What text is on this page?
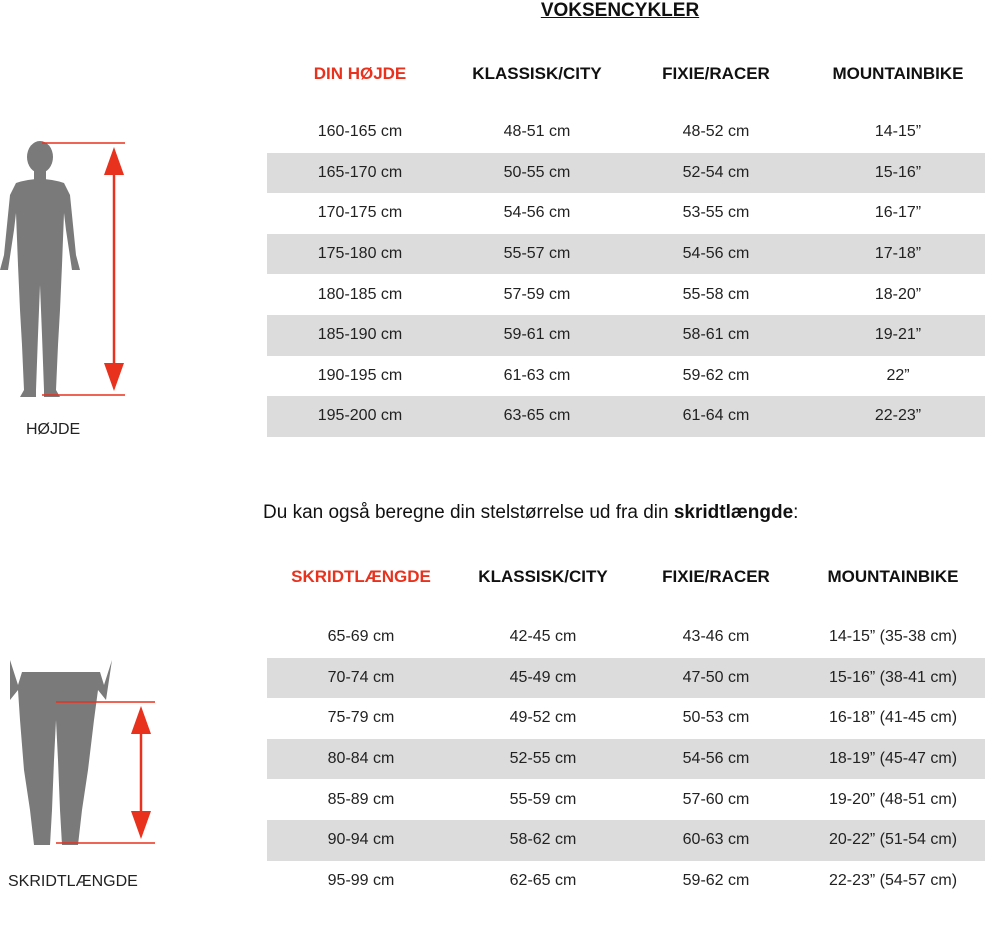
VOKSENCYKLER
HØJDE
DIN HØJDE	KLASSISK/CITY	FIXIE/RACER	MOUNTAINBIKE
160-165 cm	48-51 cm	48-52 cm	14-15”
165-170 cm	50-55 cm	52-54 cm	15-16”
170-175 cm	54-56 cm	53-55 cm	16-17”
175-180 cm	55-57 cm	54-56 cm	17-18”
180-185 cm	57-59 cm	55-58 cm	18-20”
185-190 cm	59-61 cm	58-61 cm	19-21”
190-195 cm	61-63 cm	59-62 cm	22”
195-200 cm	63-65 cm	61-64 cm	22-23”
Du kan også beregne din stelstørrelse ud fra din skridtlængde:
SKRIDTLÆNGDE
SKRIDTLÆNGDE	KLASSISK/CITY	FIXIE/RACER	MOUNTAINBIKE
65-69 cm	42-45 cm	43-46 cm	14-15” (35-38 cm)
70-74 cm	45-49 cm	47-50 cm	15-16” (38-41 cm)
75-79 cm	49-52 cm	50-53 cm	16-18” (41-45 cm)
80-84 cm	52-55 cm	54-56 cm	18-19” (45-47 cm)
85-89 cm	55-59 cm	57-60 cm	19-20” (48-51 cm)
90-94 cm	58-62 cm	60-63 cm	20-22” (51-54 cm)
95-99 cm	62-65 cm	59-62 cm	22-23” (54-57 cm)
